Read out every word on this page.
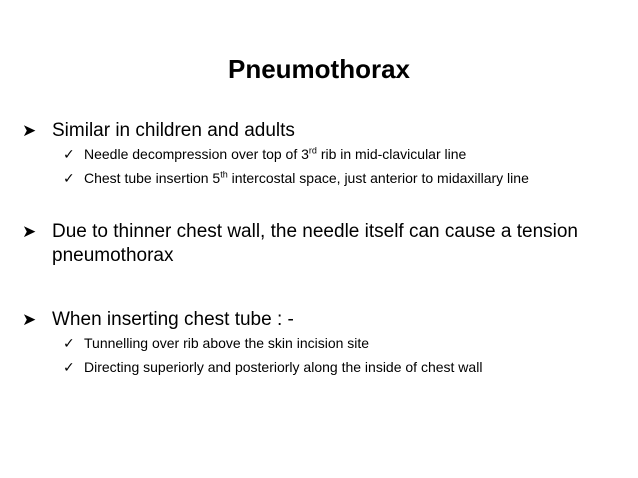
Pneumothorax
➤ Similar in children and adults
✓ Needle decompression over top of 3rd rib in mid-clavicular line
✓ Chest tube insertion 5th intercostal space, just anterior to midaxillary line
➤ Due to thinner chest wall, the needle itself can cause a tension
pneumothorax
➤ When inserting chest tube : -
✓ Tunnelling over rib above the skin incision site
✓ Directing superiorly and posteriorly along the inside of chest wall
